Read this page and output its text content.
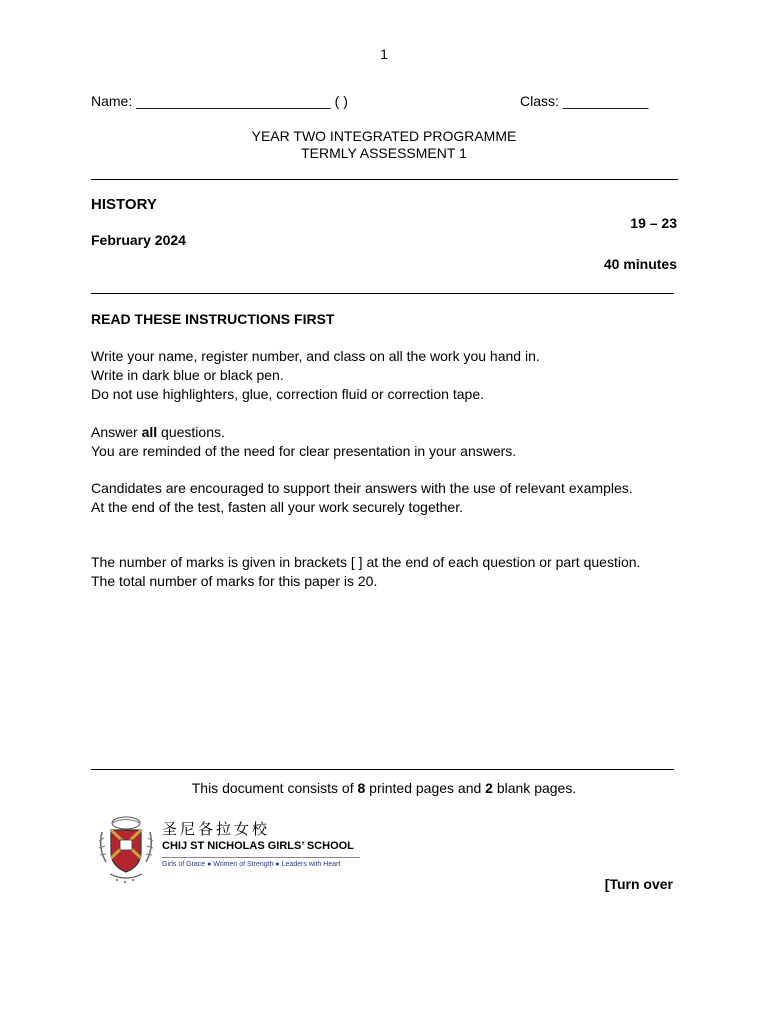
1
Name: _________________________ ( )	Class: ___________
YEAR TWO INTEGRATED PROGRAMME
TERMLY ASSESSMENT 1
HISTORY
19 – 23
February 2024
40 minutes
READ THESE INSTRUCTIONS FIRST
Write your name, register number, and class on all the work you hand in.
Write in dark blue or black pen.
Do not use highlighters, glue, correction fluid or correction tape.
Answer all questions.
You are reminded of the need for clear presentation in your answers.
Candidates are encouraged to support their answers with the use of relevant examples.
At the end of the test, fasten all your work securely together.
The number of marks is given in brackets [ ] at the end of each question or part question.
The total number of marks for this paper is 20.
This document consists of 8 printed pages and 2 blank pages.
圣尼各拉女校
CHIJ ST NICHOLAS GIRLS’ SCHOOL
Girls of Grace ● Women of Strength ● Leaders with Heart
[Turn over
